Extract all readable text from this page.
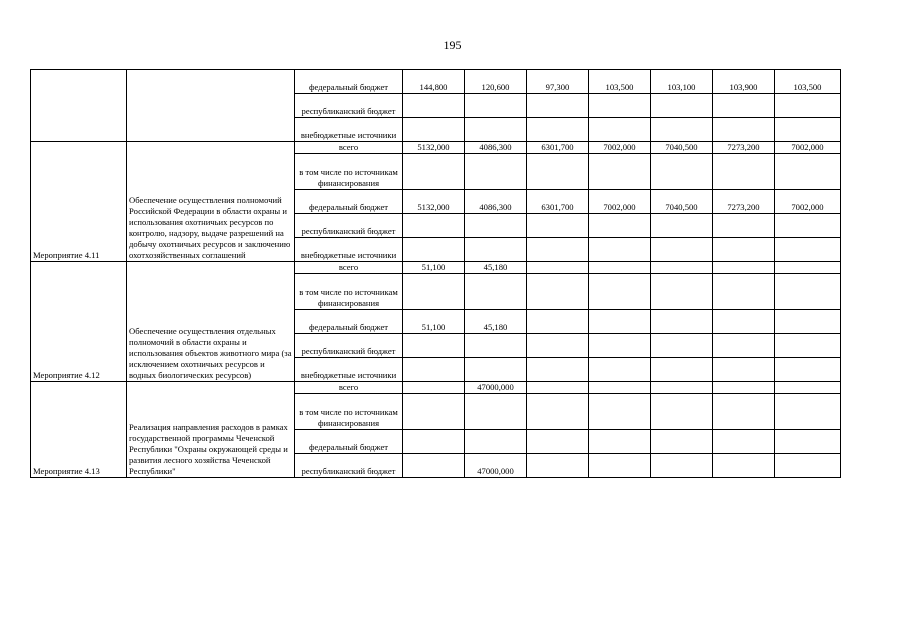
195
		федеральный бюджет	144,800	120,600	97,300	103,500	103,100	103,900	103,500
		республиканский бюджет							
		внебюджетные источники							
Мероприятие 4.11	Обеспечение осуществления полномочий Российской Федерации в области охраны и использования охотничьих ресурсов по контролю, надзору, выдаче разрешений на добычу охотничьих ресурсов и заключению охотхозяйственных соглашений	всего	5132,000	4086,300	6301,700	7002,000	7040,500	7273,200	7002,000
		в том числе по источникам финансирования							
		федеральный бюджет	5132,000	4086,300	6301,700	7002,000	7040,500	7273,200	7002,000
		республиканский бюджет							
		внебюджетные источники							
Мероприятие 4.12	Обеспечение осуществления отдельных полномочий в области охраны и использования объектов животного мира (за исключением охотничьих ресурсов и водных биологических ресурсов)	всего	51,100	45,180					
		в том числе по источникам финансирования							
		федеральный бюджет	51,100	45,180					
		республиканский бюджет							
		внебюджетные источники							
Мероприятие 4.13	Реализация направления расходов в рамках государственной программы Чеченской Республики "Охраны окружающей среды и развития лесного хозяйства Чеченской Республики"	всего		47000,000					
		в том числе по источникам финансирования							
		федеральный бюджет							
		республиканский бюджет		47000,000					
